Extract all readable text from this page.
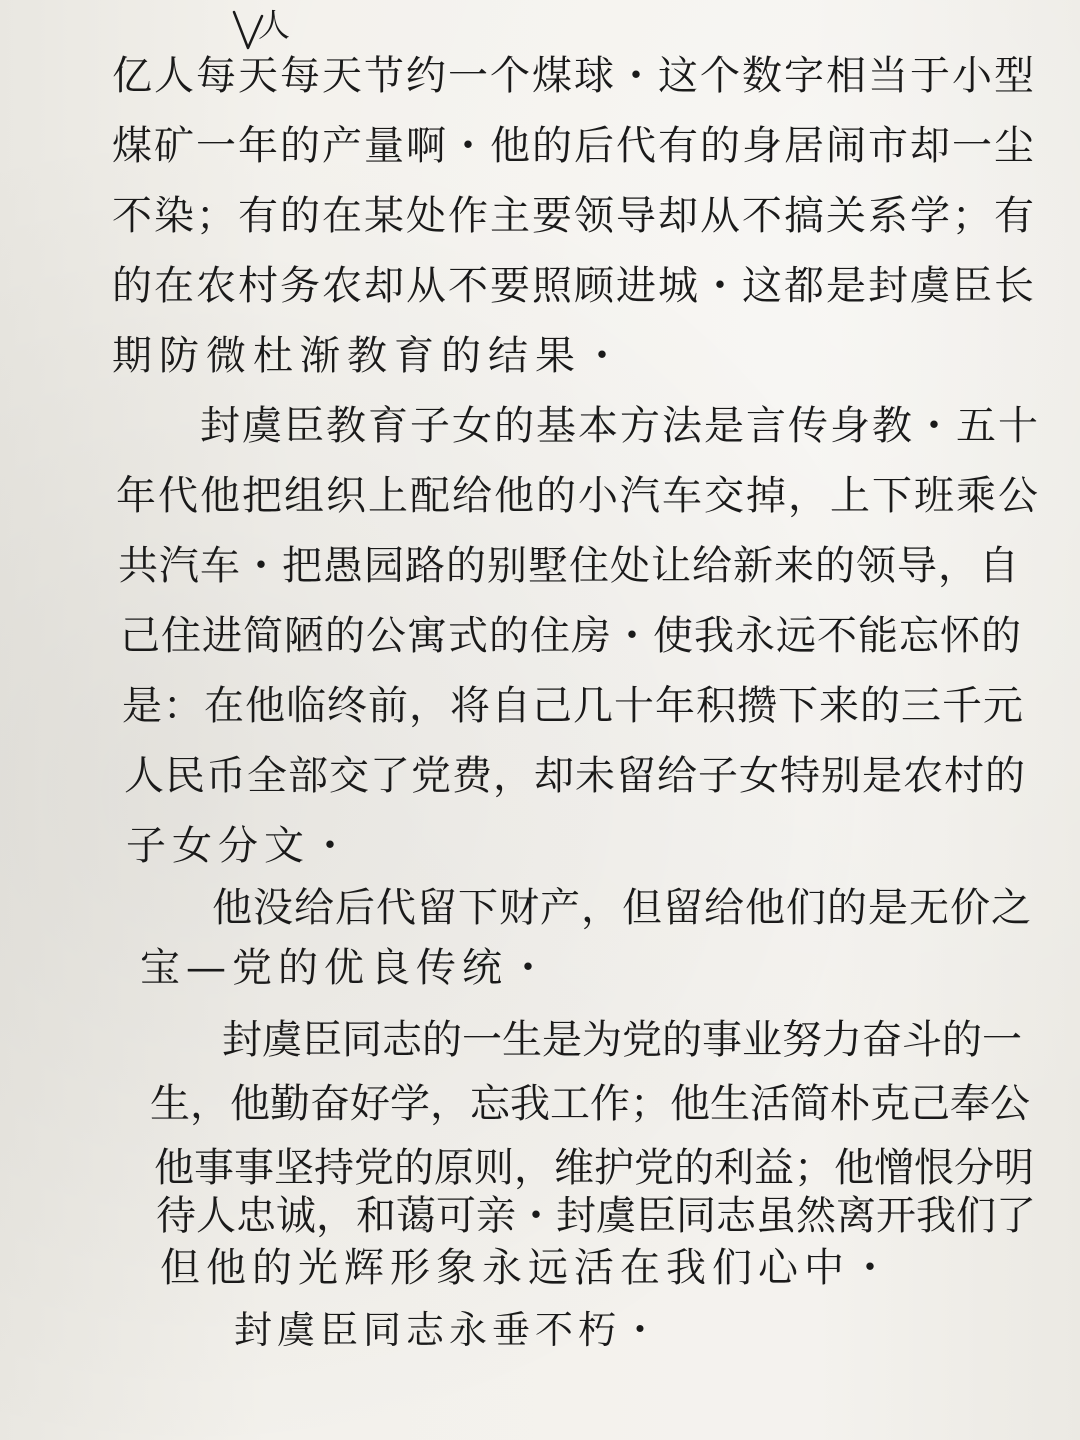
人
亿人每天每天节约一个煤球・这个数字相当于小型
煤矿一年的产量啊・他的后代有的身居闹市却一尘
不染；有的在某处作主要领导却从不搞关系学；有
的在农村务农却从不要照顾进城・这都是封虞臣长
期防微杜渐教育的结果・
封虞臣教育子女的基本方法是言传身教・五十
年代他把组织上配给他的小汽车交掉，上下班乘公
共汽车・把愚园路的别墅住处让给新来的领导，自
己住进简陋的公寓式的住房・使我永远不能忘怀的
是：在他临终前，将自己几十年积攒下来的三千元
人民币全部交了党费，却未留给子女特别是农村的
子女分文・
他没给后代留下财产，但留给他们的是无价之
宝—党的优良传统・
封虞臣同志的一生是为党的事业努力奋斗的一
生，他勤奋好学，忘我工作；他生活简朴克己奉公
他事事坚持党的原则，维护党的利益；他憎恨分明
待人忠诚，和蔼可亲・封虞臣同志虽然离开我们了
但他的光辉形象永远活在我们心中・
封虞臣同志永垂不朽・
